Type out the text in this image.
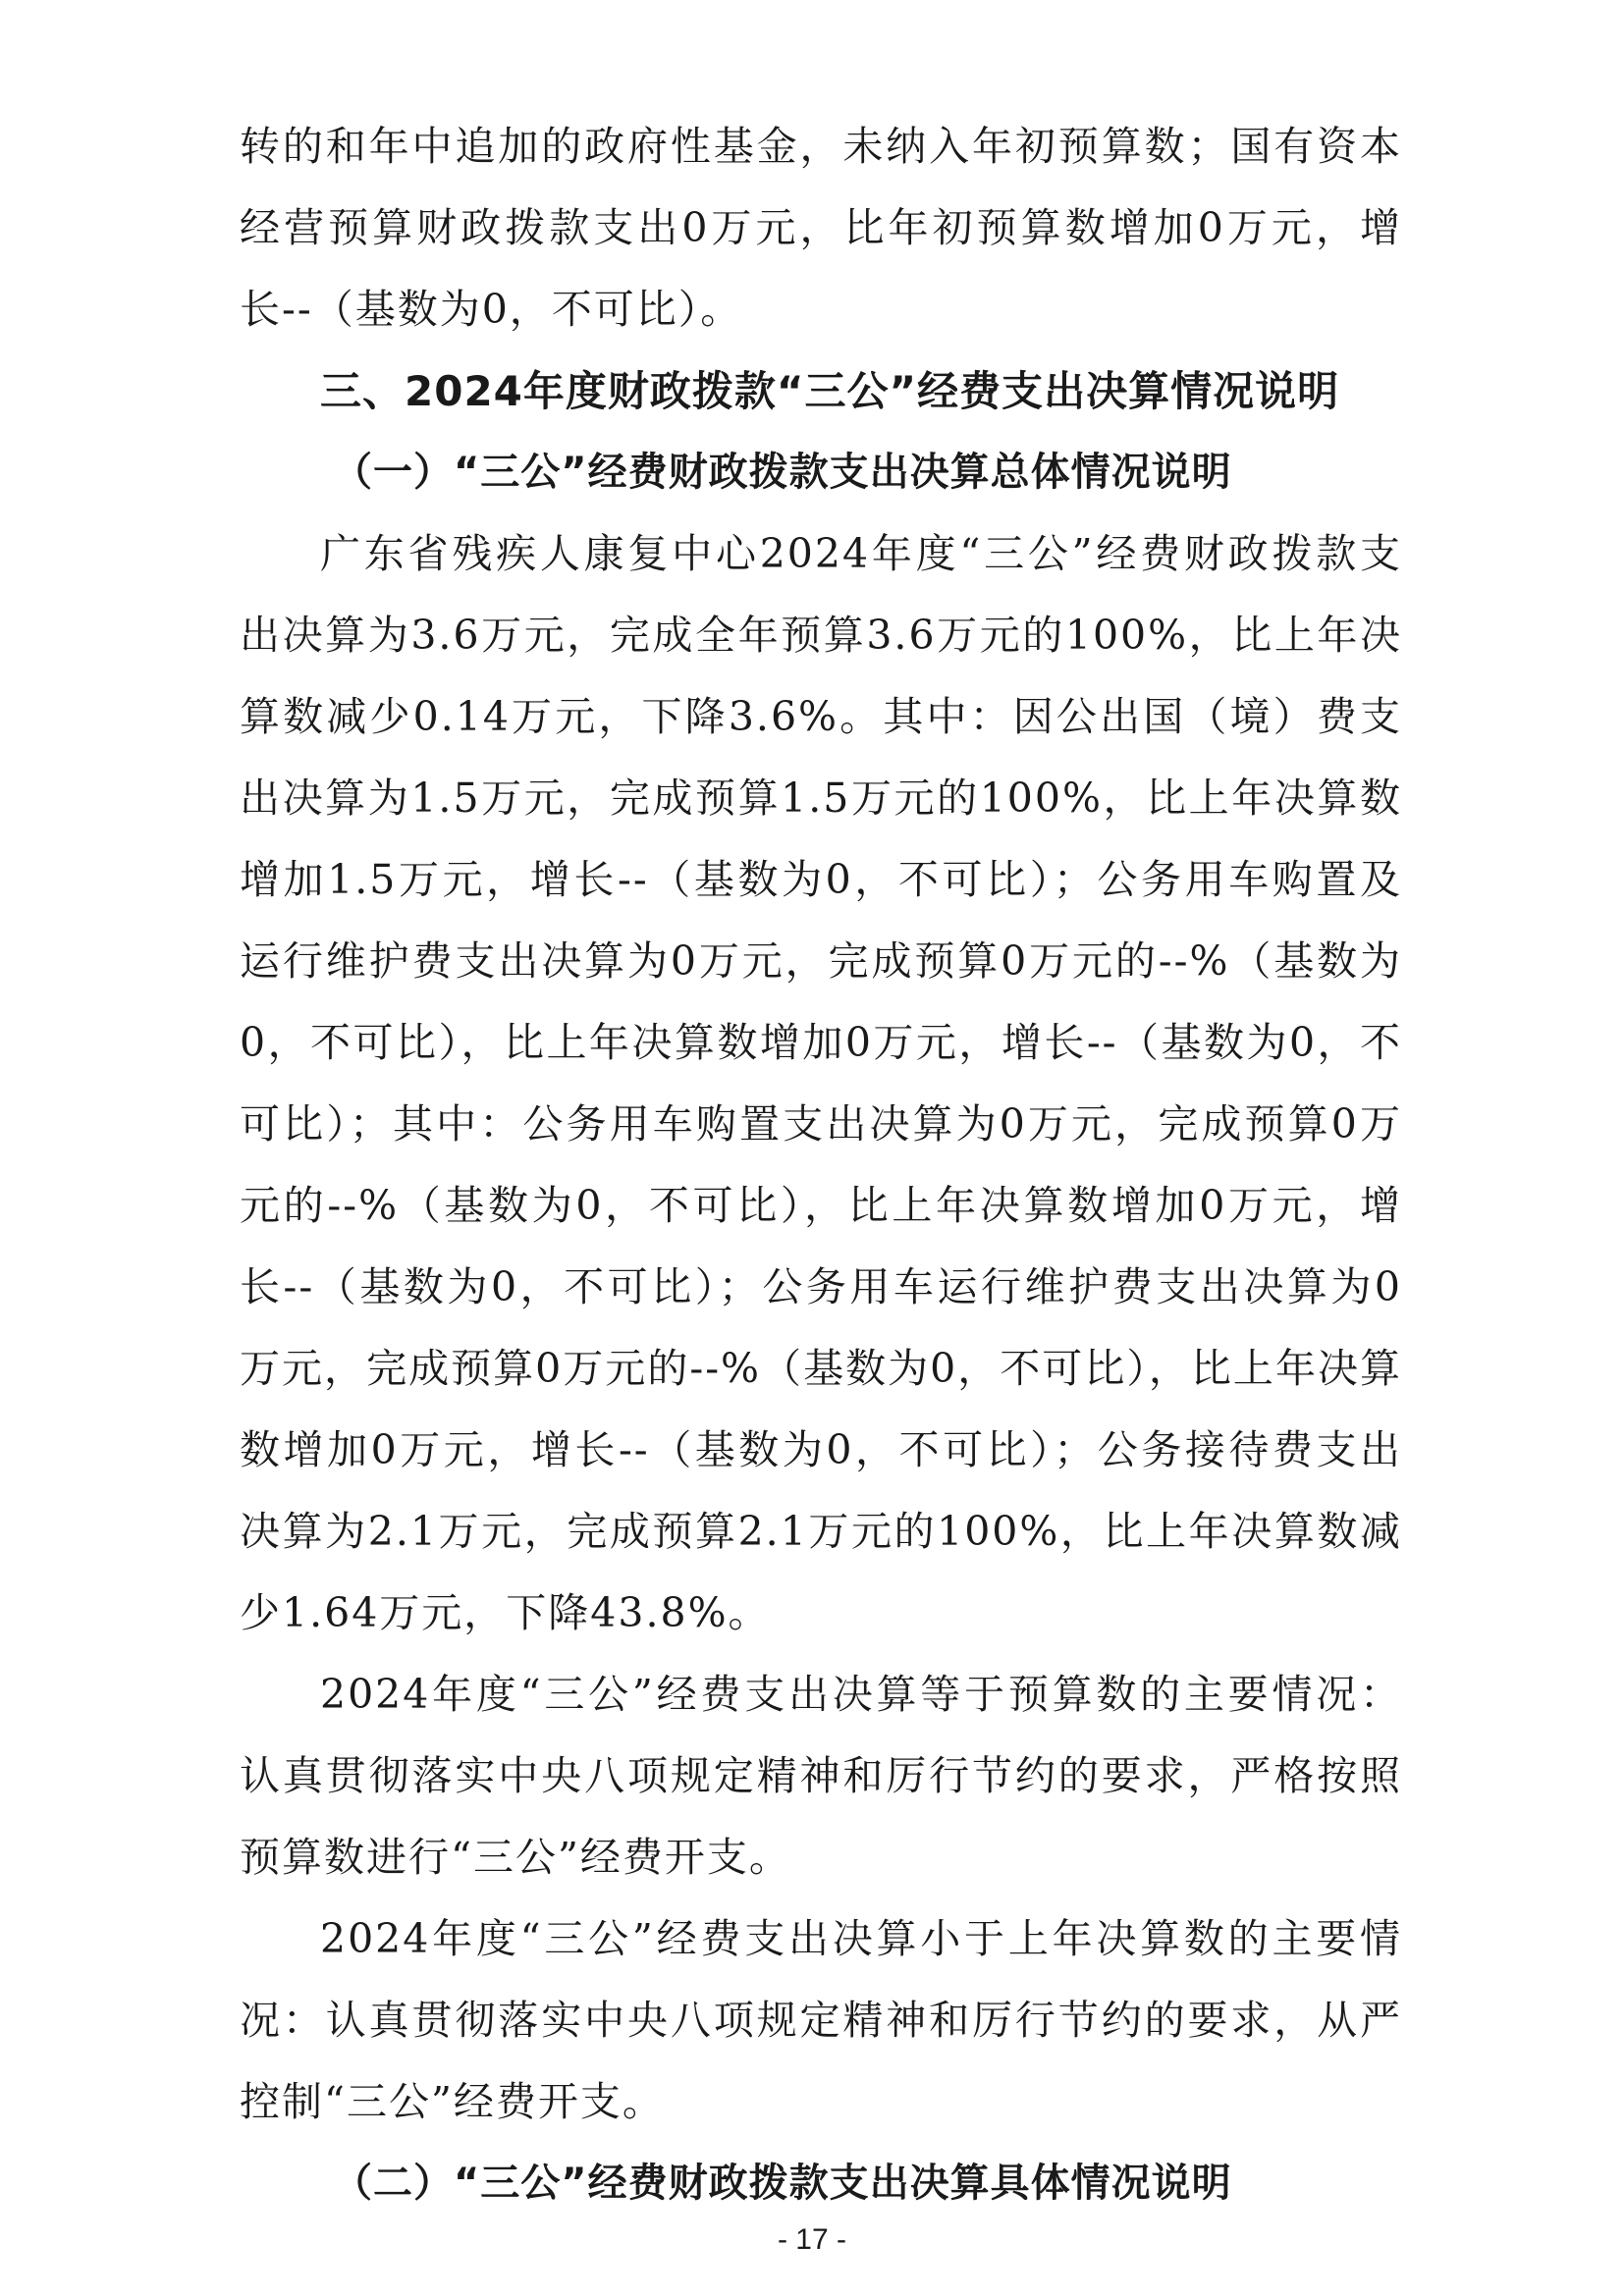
转的和年中追加的政府性基金，未纳入年初预算数；国有资本经营预算财政拨款支出0万元，比年初预算数增加0万元，增长--（基数为0，不可比）。

三、2024年度财政拨款“三公”经费支出决算情况说明
（一）“三公”经费财政拨款支出决算总体情况说明

广东省残疾人康复中心2024年度“三公”经费财政拨款支出决算为3.6万元，完成全年预算3.6万元的100%，比上年决算数减少0.14万元，下降3.6%。其中：因公出国（境）费支出决算为1.5万元，完成预算1.5万元的100%，比上年决算数增加1.5万元，增长--（基数为0，不可比）；公务用车购置及运行维护费支出决算为0万元，完成预算0万元的--%（基数为0，不可比），比上年决算数增加0万元，增长--（基数为0，不可比）；其中：公务用车购置支出决算为0万元，完成预算0万元的--%（基数为0，不可比），比上年决算数增加0万元，增长--（基数为0，不可比）；公务用车运行维护费支出决算为0万元，完成预算0万元的--%（基数为0，不可比），比上年决算数增加0万元，增长--（基数为0，不可比）；公务接待费支出决算为2.1万元，完成预算2.1万元的100%，比上年决算数减少1.64万元，下降43.8%。

2024年度“三公”经费支出决算等于预算数的主要情况：认真贯彻落实中央八项规定精神和厉行节约的要求，严格按照预算数进行“三公”经费开支。

2024年度“三公”经费支出决算小于上年决算数的主要情况：认真贯彻落实中央八项规定精神和厉行节约的要求，从严控制“三公”经费开支。

（二）“三公”经费财政拨款支出决算具体情况说明
- 17 -
